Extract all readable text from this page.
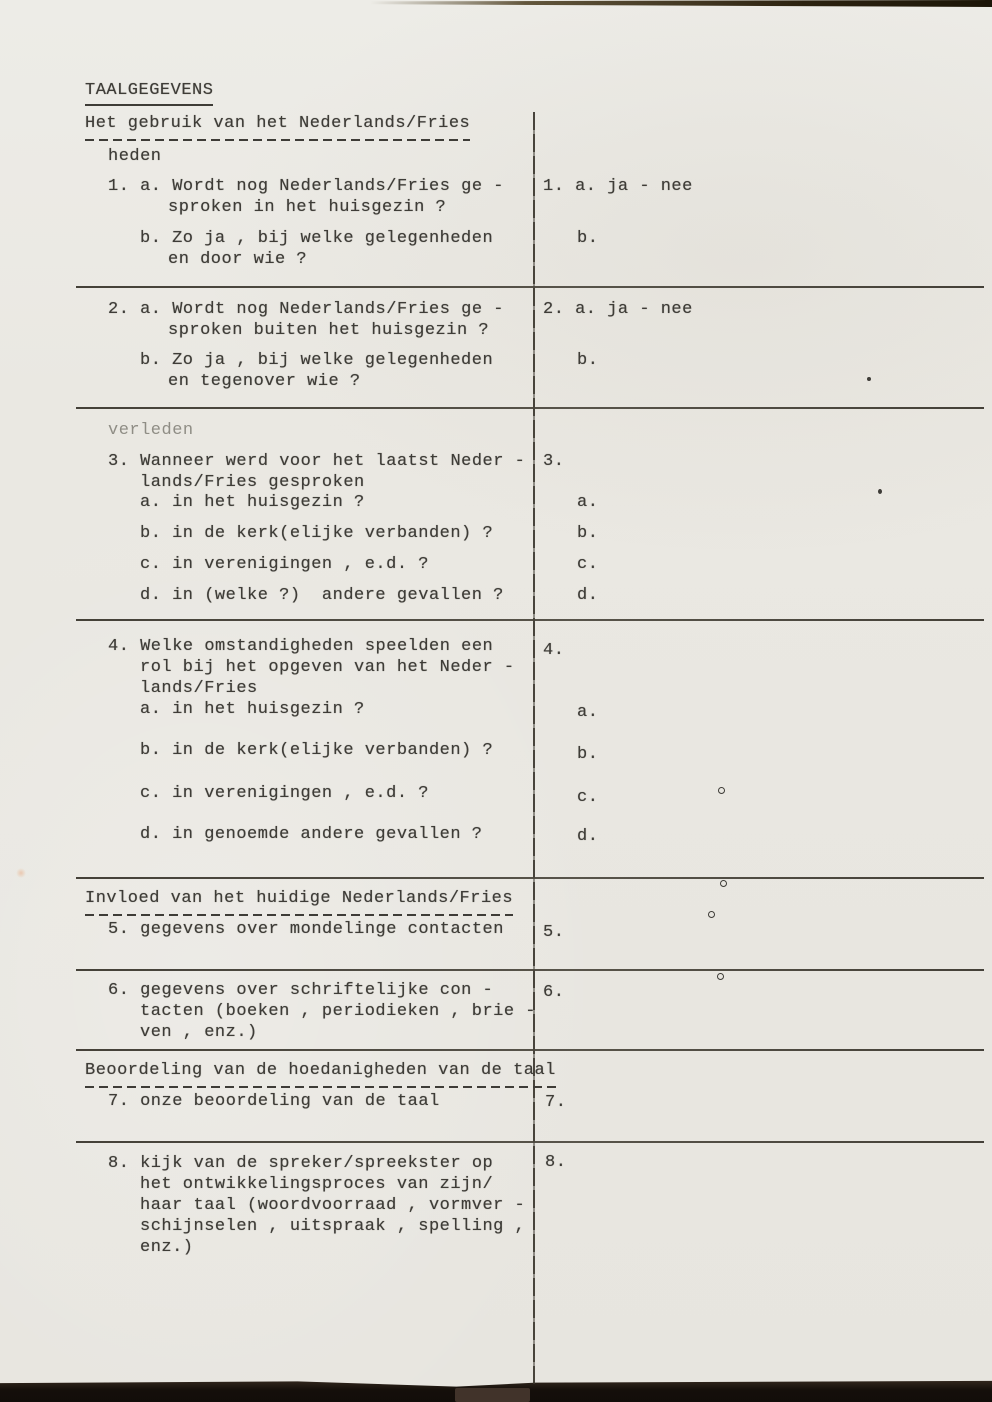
TAALGEGEVENS
Het gebruik van het Nederlands/Fries
heden
1. a. Wordt nog Nederlands/Fries ge -
sproken in het huisgezin ?
b. Zo ja , bij welke gelegenheden
en door wie ?
1. a. ja - nee
b.
2. a. Wordt nog Nederlands/Fries ge -
sproken buiten het huisgezin ?
b. Zo ja , bij welke gelegenheden
en tegenover wie ?
2. a. ja - nee
b.
verleden
3. Wanneer werd voor het laatst Neder -
lands/Fries gesproken
a. in het huisgezin ?
b. in de kerk(elijke verbanden) ?
c. in verenigingen , e.d. ?
d. in (welke ?)  andere gevallen ?
3.
a.
b.
c.
d.
4. Welke omstandigheden speelden een
rol bij het opgeven van het Neder -
lands/Fries
a. in het huisgezin ?
b. in de kerk(elijke verbanden) ?
c. in verenigingen , e.d. ?
d. in genoemde andere gevallen ?
4.
a.
b.
c.
d.
Invloed van het huidige Nederlands/Fries
5. gegevens over mondelinge contacten 5.
6. gegevens over schriftelijke con -
tacten (boeken , periodieken , brie -
ven , enz.)
6.
Beoordeling van de hoedanigheden van de taal
7. onze beoordeling van de taal	7.
8. kijk van de spreker/spreekster op
het ontwikkelingsproces van zijn/
haar taal (woordvoorraad , vormver -
schijnselen , uitspraak , spelling ,
enz.)
8.
